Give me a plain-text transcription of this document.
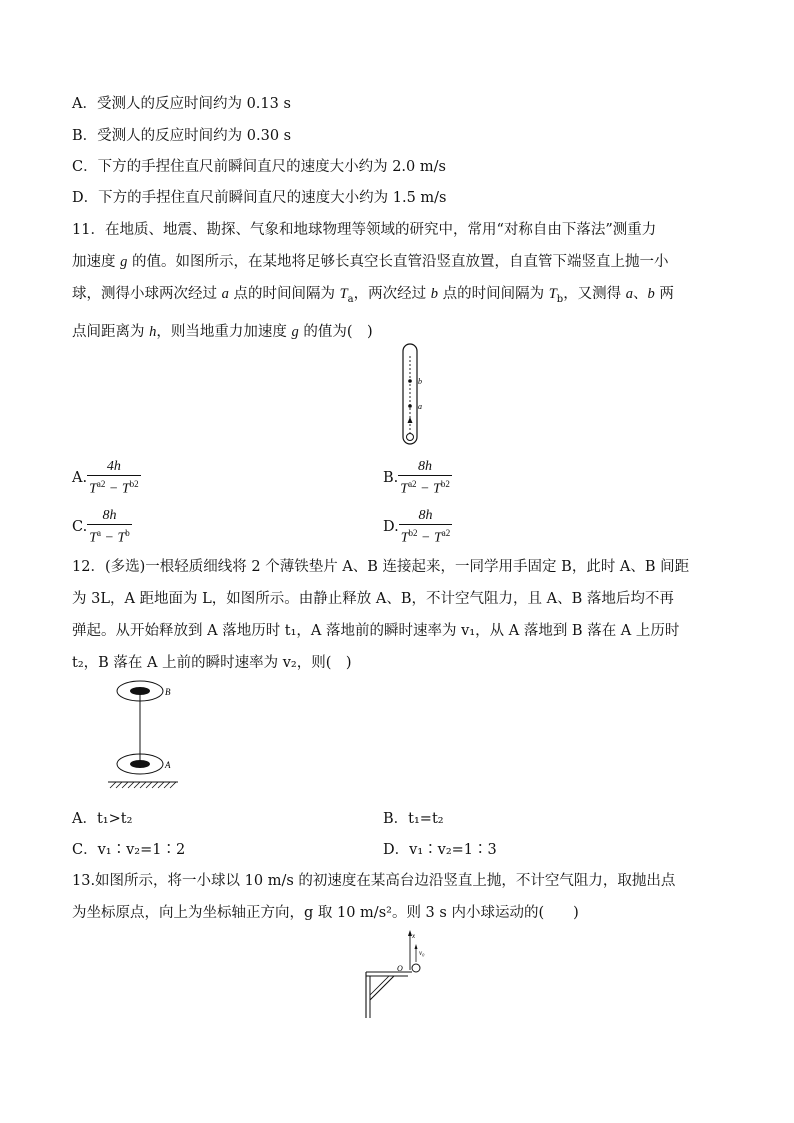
A．受测人的反应时间约为 0.13 s
B．受测人的反应时间约为 0.30 s
C．下方的手捏住直尺前瞬间直尺的速度大小约为 2.0 m/s
D．下方的手捏住直尺前瞬间直尺的速度大小约为 1.5 m/s
11．在地质、地震、勘探、气象和地球物理等领域的研究中，常用“对称自由下落法”测重力
加速度 g 的值。如图所示，在某地将足够长真空长直管沿竖直放置，自直管下端竖直上抛一小
球，测得小球两次经过 a 点的时间间隔为 $T_a$，两次经过 b 点的时间间隔为 $T_b$，又测得 a、b 两
点间距离为 h，则当地重力加速度 g 的值为(　)
b
a
A. $\frac{4h}{T^{a2} - T^{b2}}$	B. $\frac{8h}{T^{a2} - T^{b2}}$
C. $\frac{8h}{T^a - T^b}$	D. $\frac{8h}{T^{b2} - T^{a2}}$
12．(多选)一根轻质细线将 2 个薄铁垫片 A、B 连接起来，一同学用手固定 B，此时 A、B 间距
为 3L，A 距地面为 L，如图所示。由静止释放 A、B，不计空气阻力，且 A、B 落地后均不再
弹起。从开始释放到 A 落地历时 t₁，A 落地前的瞬时速率为 v₁，从 A 落地到 B 落在 A 上历时
t₂，B 落在 A 上前的瞬时速率为 v₂，则(　)
B
A
A．t₁>t₂	B．t₁=t₂
C．v₁∶v₂=1∶2	D．v₁∶v₂=1∶3
13.如图所示，将一小球以 10 m/s 的初速度在某高台边沿竖直上抛，不计空气阻力，取抛出点
为坐标原点，向上为坐标轴正方向，g 取 10 m/s²。则 3 s 内小球运动的(　　)
x
v₀
O
